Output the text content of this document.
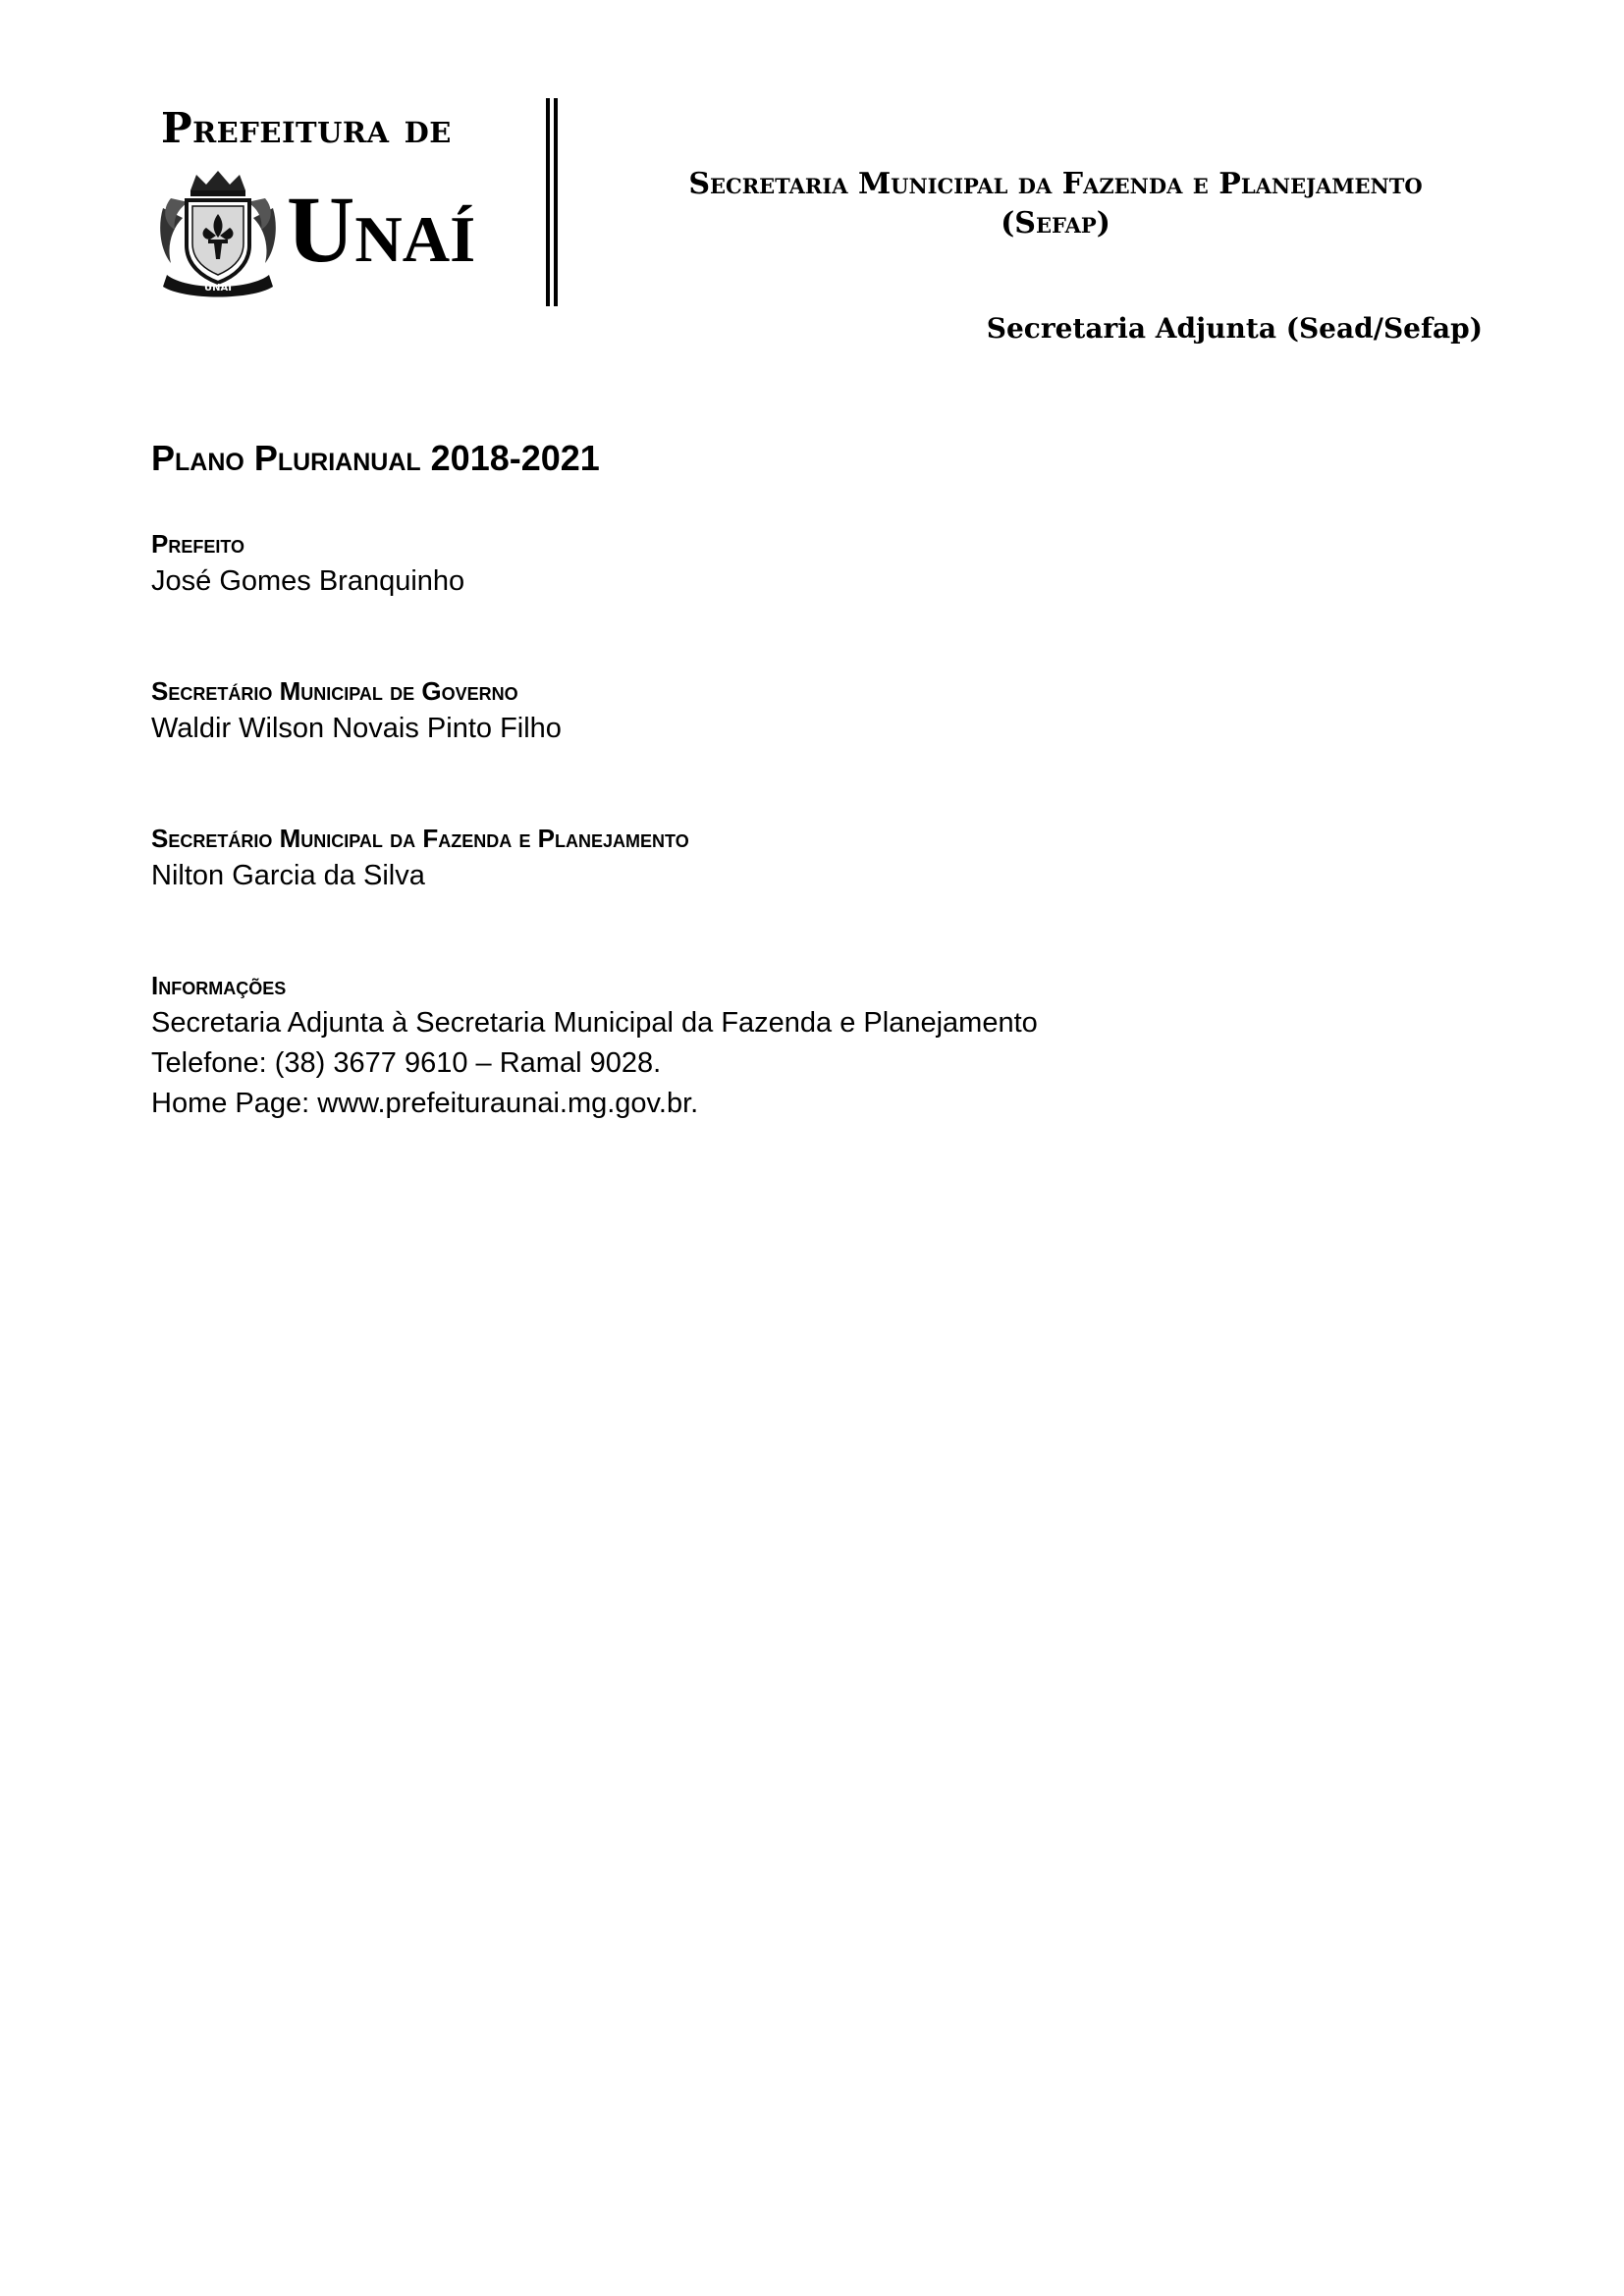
Prefeitura de
UNAÍ
Unaí	Secretaria Municipal da Fazenda e Planejamento
(Sefap)
Secretaria Adjunta (Sead/Sefap)
Plano Plurianual 2018-2021
Prefeito
José Gomes Branquinho
Secretário Municipal de Governo
Waldir Wilson Novais Pinto Filho
Secretário Municipal da Fazenda e Planejamento
Nilton Garcia da Silva
Informações
Secretaria Adjunta à Secretaria Municipal da Fazenda e Planejamento
Telefone: (38) 3677 9610 – Ramal 9028.
Home Page: www.prefeituraunai.mg.gov.br.
